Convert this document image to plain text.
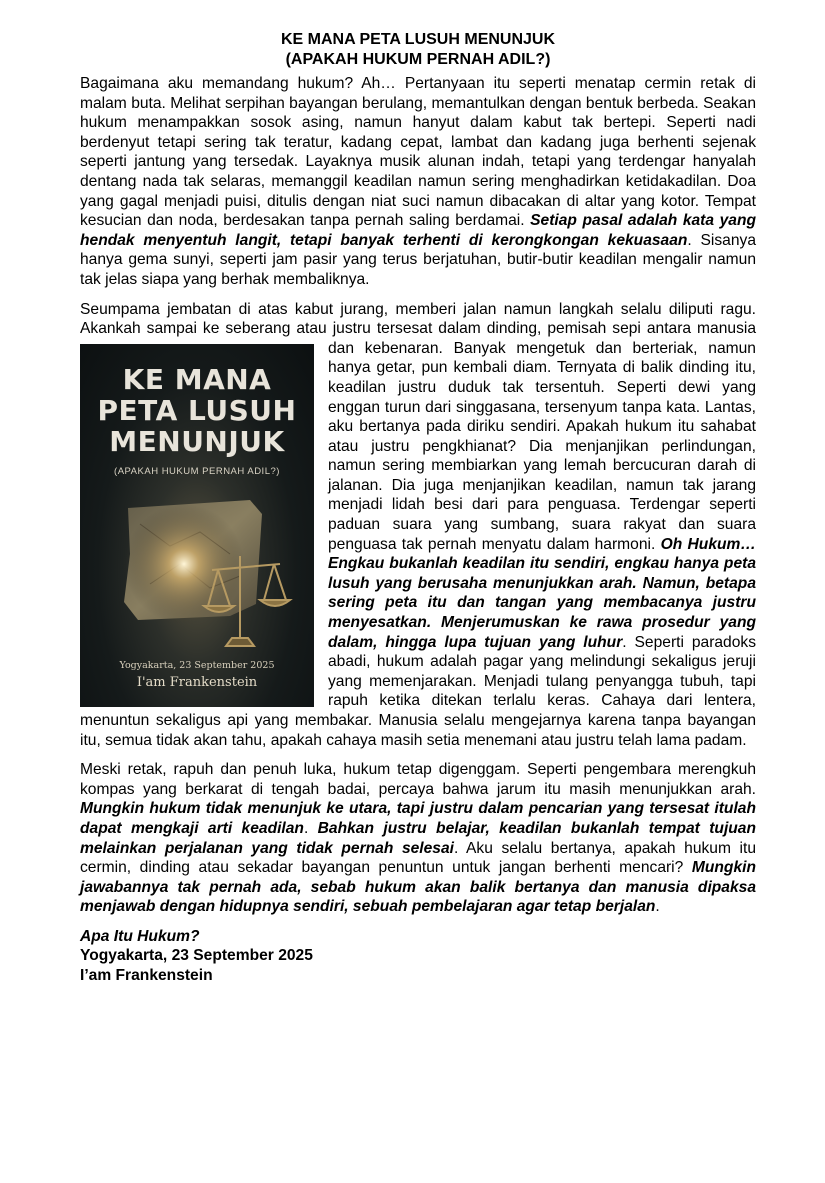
KE MANA PETA LUSUH MENUNJUK
(APAKAH HUKUM PERNAH ADIL?)

Bagaimana aku memandang hukum? Ah… Pertanyaan itu seperti menatap cermin retak di malam buta. Melihat serpihan bayangan berulang, memantulkan dengan bentuk berbeda. Seakan hukum menampakkan sosok asing, namun hanyut dalam kabut tak bertepi. Seperti nadi berdenyut tetapi sering tak teratur, kadang cepat, lambat dan kadang juga berhenti sejenak seperti jantung yang tersedak. Layaknya musik alunan indah, tetapi yang terdengar hanyalah dentang nada tak selaras, memanggil keadilan namun sering menghadirkan ketidakadilan. Doa yang gagal menjadi puisi, ditulis dengan niat suci namun dibacakan di altar yang kotor. Tempat kesucian dan noda, berdesakan tanpa pernah saling berdamai. Setiap pasal adalah kata yang hendak menyentuh langit, tetapi banyak terhenti di kerongkongan kekuasaan. Sisanya hanya gema sunyi, seperti jam pasir yang terus berjatuhan, butir-butir keadilan mengalir namun tak jelas siapa yang berhak membaliknya.

Seumpama jembatan di atas kabut jurang, memberi jalan namun langkah selalu diliputi ragu. Akankah sampai ke seberang atau justru tersesat dalam dinding, pemisah sepi antara manusia dan kebenaran. Banyak mengetuk dan berteriak, namun
KE MANA
PETA LUSUH
MENUNJUK
(APAKAH HUKUM PERNAH ADIL?)
Yogyakarta, 23 September 2025
I'am Frankenstein
hanya getar, pun kembali diam. Ternyata di balik dinding itu, keadilan justru duduk tak tersentuh. Seperti dewi yang enggan turun dari singgasana, tersenyum tanpa kata. Lantas, aku bertanya pada diriku sendiri. Apakah hukum itu sahabat atau justru pengkhianat? Dia menjanjikan perlindungan, namun sering membiarkan yang lemah bercucuran darah di jalanan. Dia juga menjanjikan keadilan, namun tak jarang menjadi lidah besi dari para penguasa. Terdengar seperti paduan suara yang sumbang, suara rakyat dan suara penguasa tak pernah menyatu dalam harmoni. Oh Hukum… Engkau bukanlah keadilan itu sendiri, engkau hanya peta lusuh yang berusaha menunjukkan arah. Namun, betapa sering peta itu dan tangan yang membacanya justru menyesatkan. Menjerumuskan ke rawa prosedur yang dalam, hingga lupa tujuan yang luhur. Seperti paradoks abadi, hukum adalah pagar yang melindungi sekaligus jeruji yang memenjarakan. Menjadi tulang penyangga tubuh, tapi rapuh ketika ditekan terlalu keras. Cahaya dari lentera, menuntun sekaligus api yang membakar. Manusia selalu mengejarnya karena tanpa bayangan itu, semua tidak akan tahu, apakah cahaya masih setia menemani atau justru telah lama padam.

Meski retak, rapuh dan penuh luka, hukum tetap digenggam. Seperti pengembara merengkuh kompas yang berkarat di tengah badai, percaya bahwa jarum itu masih menunjukkan arah. Mungkin hukum tidak menunjuk ke utara, tapi justru dalam pencarian yang tersesat itulah dapat mengkaji arti keadilan. Bahkan justru belajar, keadilan bukanlah tempat tujuan melainkan perjalanan yang tidak pernah selesai. Aku selalu bertanya, apakah hukum itu cermin, dinding atau sekadar bayangan penuntun untuk jangan berhenti mencari? Mungkin jawabannya tak pernah ada, sebab hukum akan balik bertanya dan manusia dipaksa menjawab dengan hidupnya sendiri, sebuah pembelajaran agar tetap berjalan.

Apa Itu Hukum?

Yogyakarta, 23 September 2025

I’am Frankenstein
